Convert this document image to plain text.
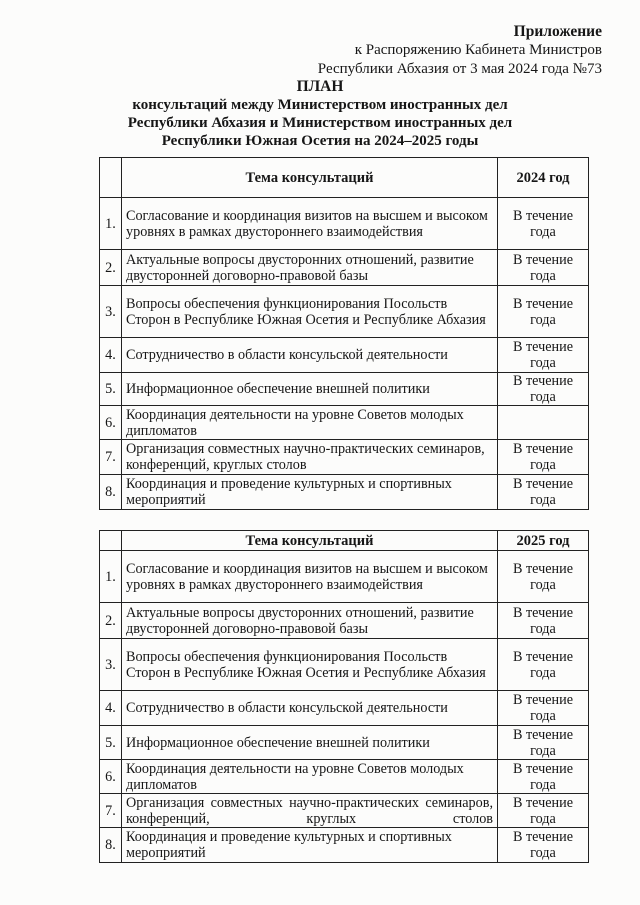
Приложение
к Распоряжению Кабинета Министров
Республики Абхазия от 3 мая 2024 года №73
ПЛАН
консультаций между Министерством иностранных дел
Республики Абхазия и Министерством иностранных дел
Республики Южная Осетия на 2024–2025 годы
	Тема консультаций	2024 год
1.	Согласование и координация визитов на высшем и высоком уровнях в рамках двустороннего взаимодействия	В течение года
2.	Актуальные вопросы двусторонних отношений, развитие двусторонней договорно-правовой базы	В течение года
3.	Вопросы обеспечения функционирования Посольств Сторон в Республике Южная Осетия и Республике Абхазия	В течение года
4.	Сотрудничество в области консульской деятельности	В течение года
5.	Информационное обеспечение внешней политики	В течение года
6.	Координация деятельности на уровне Советов молодых дипломатов	
7.	Организация совместных научно-практических семинаров, конференций, круглых столов	В течение года
8.	Координация и проведение культурных и спортивных мероприятий	В течение года
	Тема консультаций	2025 год
1.	Согласование и координация визитов на высшем и высоком уровнях в рамках двустороннего взаимодействия	В течение года
2.	Актуальные вопросы двусторонних отношений, развитие двусторонней договорно-правовой базы	В течение года
3.	Вопросы обеспечения функционирования Посольств Сторон в Республике Южная Осетия и Республике Абхазия	В течение года
4.	Сотрудничество в области консульской деятельности	В течение года
5.	Информационное обеспечение внешней политики	В течение года
6.	Координация деятельности на уровне Советов молодых дипломатов	В течение года
7.	Организация совместных научно-практических семинаров, конференций, круглых столов	В течение года
8.	Координация и проведение культурных и спортивных мероприятий	В течение года
